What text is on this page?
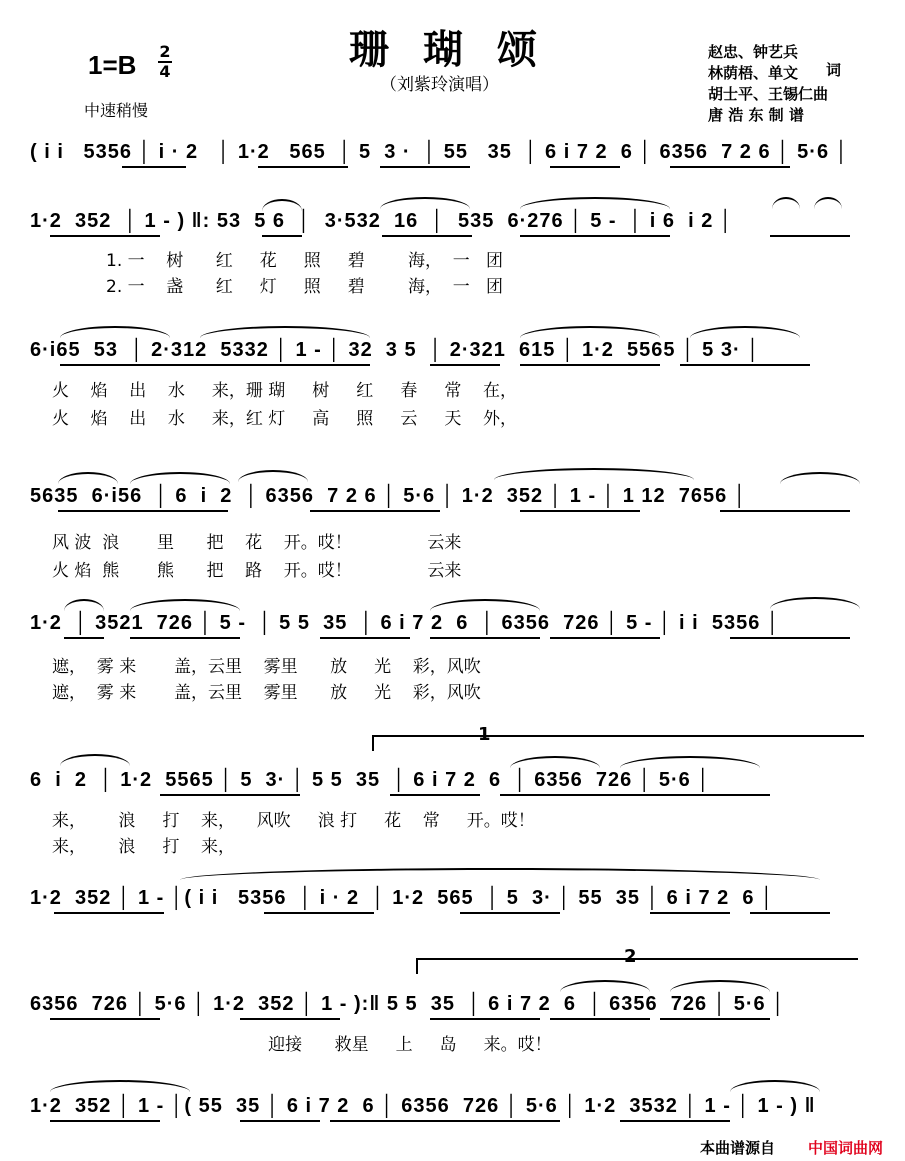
珊瑚颂
（刘紫玲演唱）
1=B 2
4
中速稍慢
赵忠、钟艺兵
林荫梧、单文	词
胡士平、王锡仁曲
唐 浩 东 制 谱
( i i   5356 │ i · 2   │ 1·2   565  │ 5  3 ·  │ 55   35  │ 6 i 7 2  6 │ 6356  7 2 6 │ 5·6 │
1·2  352  │ 1 - ) ‖: 53  5 6  │  3·532  16  │  535  6·276 │ 5 -  │ i 6  i 2 │
1. 一    树      红     花     照     碧        海，  一   团
2. 一    盏      红     灯     照     碧        海，  一   团
6·i65  53  │ 2·312  5332 │ 1 - │ 32  3 5  │ 2·321  615 │ 1·2  5565 │ 5 3· │
火    焰    出    水     来，珊 瑚     树     红     春     常    在，
火    焰    出    水     来，红 灯     高     照     云     天    外，
5635  6·i56  │ 6  i  2  │ 6356  7 2 6 │ 5·6 │ 1·2  352 │ 1 - │ 1 12  7656 │
风 波  浪       里      把    花    开。哎！              云来
火 焰  熊       熊      把    路    开。哎！              云来
1·2  │ 3521  726 │ 5 -  │ 5 5  35  │ 6 i 7 2  6  │ 6356  726 │ 5 - │ i i  5356 │
遮，  雾 来       盖，云里    雾里      放     光    彩，风吹
遮，  雾 来       盖，云里    雾里      放     光    彩，风吹
1
6  i  2  │ 1·2  5565 │ 5  3· │ 5 5  35  │ 6 i 7 2  6  │ 6356  726 │ 5·6 │
来，      浪     打    来，    风吹     浪 打     花    常     开。哎！
来，      浪     打    来，
1·2  352 │ 1 - │( i i   5356  │ i · 2  │ 1·2  565  │ 5  3· │ 55  35 │ 6 i 7 2  6 │
2
6356  726 │ 5·6 │ 1·2  352 │ 1 - ):‖ 5 5  35  │ 6 i 7 2  6  │ 6356  726 │ 5·6 │
迎接      救星     上     岛     来。哎！
1·2  352 │ 1 - │( 55  35 │ 6 i 7 2  6 │ 6356  726 │ 5·6 │ 1·2  3532 │ 1 - │ 1 - ) ‖
本曲谱源自 中国词曲网
